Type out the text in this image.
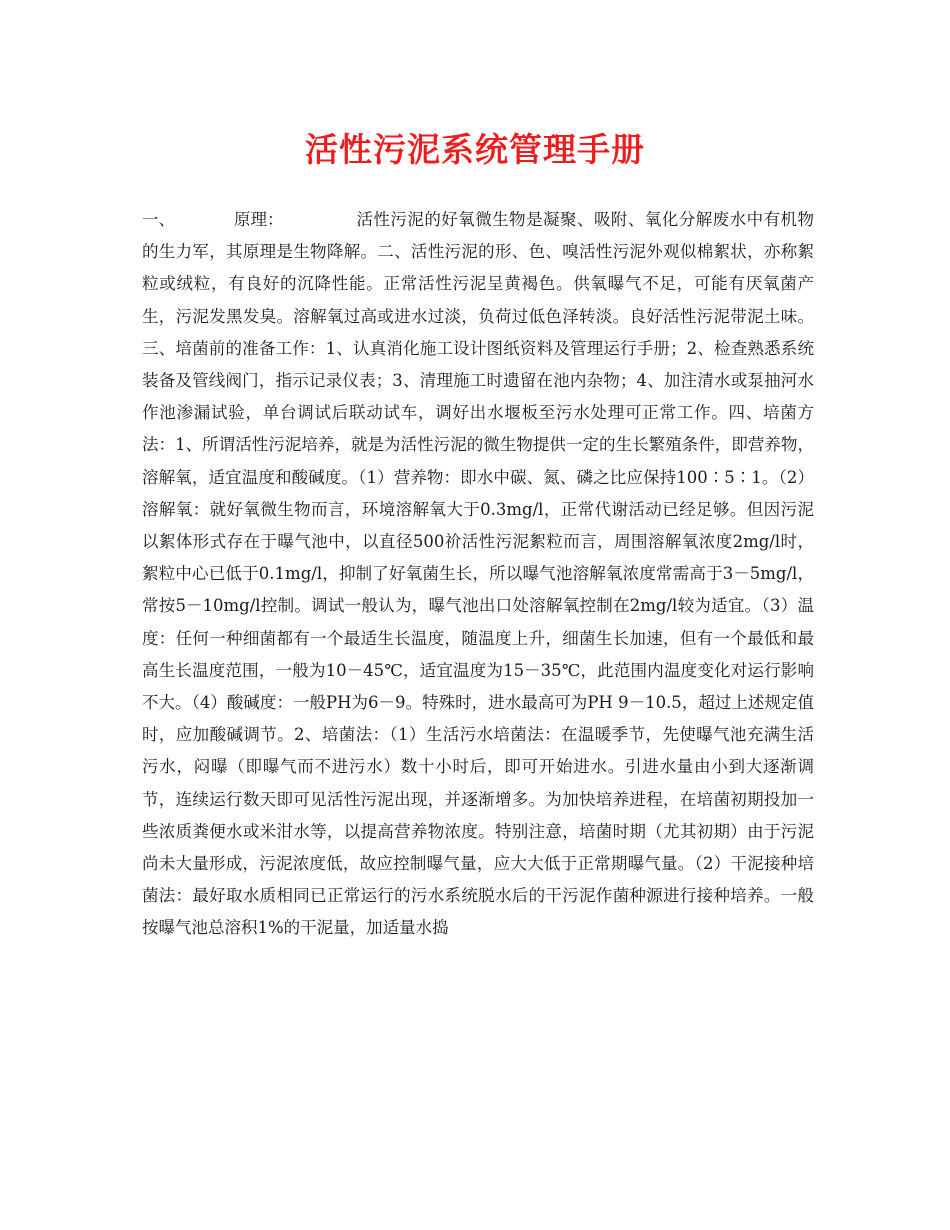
活性污泥系统管理手册

一、	原理：	活性污泥的好氧微生物是凝聚、吸附、氧化分解废水中有机物的生力军，其原理是生物降解。二、活性污泥的形、色、嗅活性污泥外观似棉絮状，亦称絮粒或绒粒，有良好的沉降性能。正常活性污泥呈黄褐色。供氧曝气不足，可能有厌氧菌产生，污泥发黑发臭。溶解氧过高或进水过淡，负荷过低色泽转淡。良好活性污泥带泥土味。三、培菌前的准备工作：1、认真消化施工设计图纸资料及管理运行手册；2、检查熟悉系统装备及管线阀门，指示记录仪表；3、清理施工时遗留在池内杂物；4、加注清水或泵抽河水作池渗漏试验，单台调试后联动试车，调好出水堰板至污水处理可正常工作。四、培菌方法：1、所谓活性污泥培养，就是为活性污泥的微生物提供一定的生长繁殖条件，即营养物，溶解氧，适宜温度和酸碱度。（1）营养物：即水中碳、氮、磷之比应保持100∶5∶1。（2）溶解氧：就好氧微生物而言，环境溶解氧大于0.3mg/l，正常代谢活动已经足够。但因污泥以絮体形式存在于曝气池中，以直径500祄活性污泥絮粒而言，周围溶解氧浓度2mg/l时，絮粒中心已低于0.1mg/l，抑制了好氧菌生长，所以曝气池溶解氧浓度常需高于3－5mg/l，常按5－10mg/l控制。调试一般认为，曝气池出口处溶解氧控制在2mg/l较为适宜。（3）温度：任何一种细菌都有一个最适生长温度，随温度上升，细菌生长加速，但有一个最低和最高生长温度范围，一般为10－45℃，适宜温度为15－35℃，此范围内温度变化对运行影响不大。（4）酸碱度：一般PH为6－9。特殊时，进水最高可为PH 9－10.5，超过上述规定值时，应加酸碱调节。2、培菌法：（1）生活污水培菌法：在温暖季节，先使曝气池充满生活污水，闷曝（即曝气而不进污水）数十小时后，即可开始进水。引进水量由小到大逐渐调节，连续运行数天即可见活性污泥出现，并逐渐增多。为加快培养进程，在培菌初期投加一些浓质粪便水或米泔水等，以提高营养物浓度。特别注意，培菌时期（尤其初期）由于污泥尚未大量形成，污泥浓度低，故应控制曝气量，应大大低于正常期曝气量。（2）干泥接种培菌法：最好取水质相同已正常运行的污水系统脱水后的干污泥作菌种源进行接种培养。一般按曝气池总溶积1%的干泥量，加适量水捣
